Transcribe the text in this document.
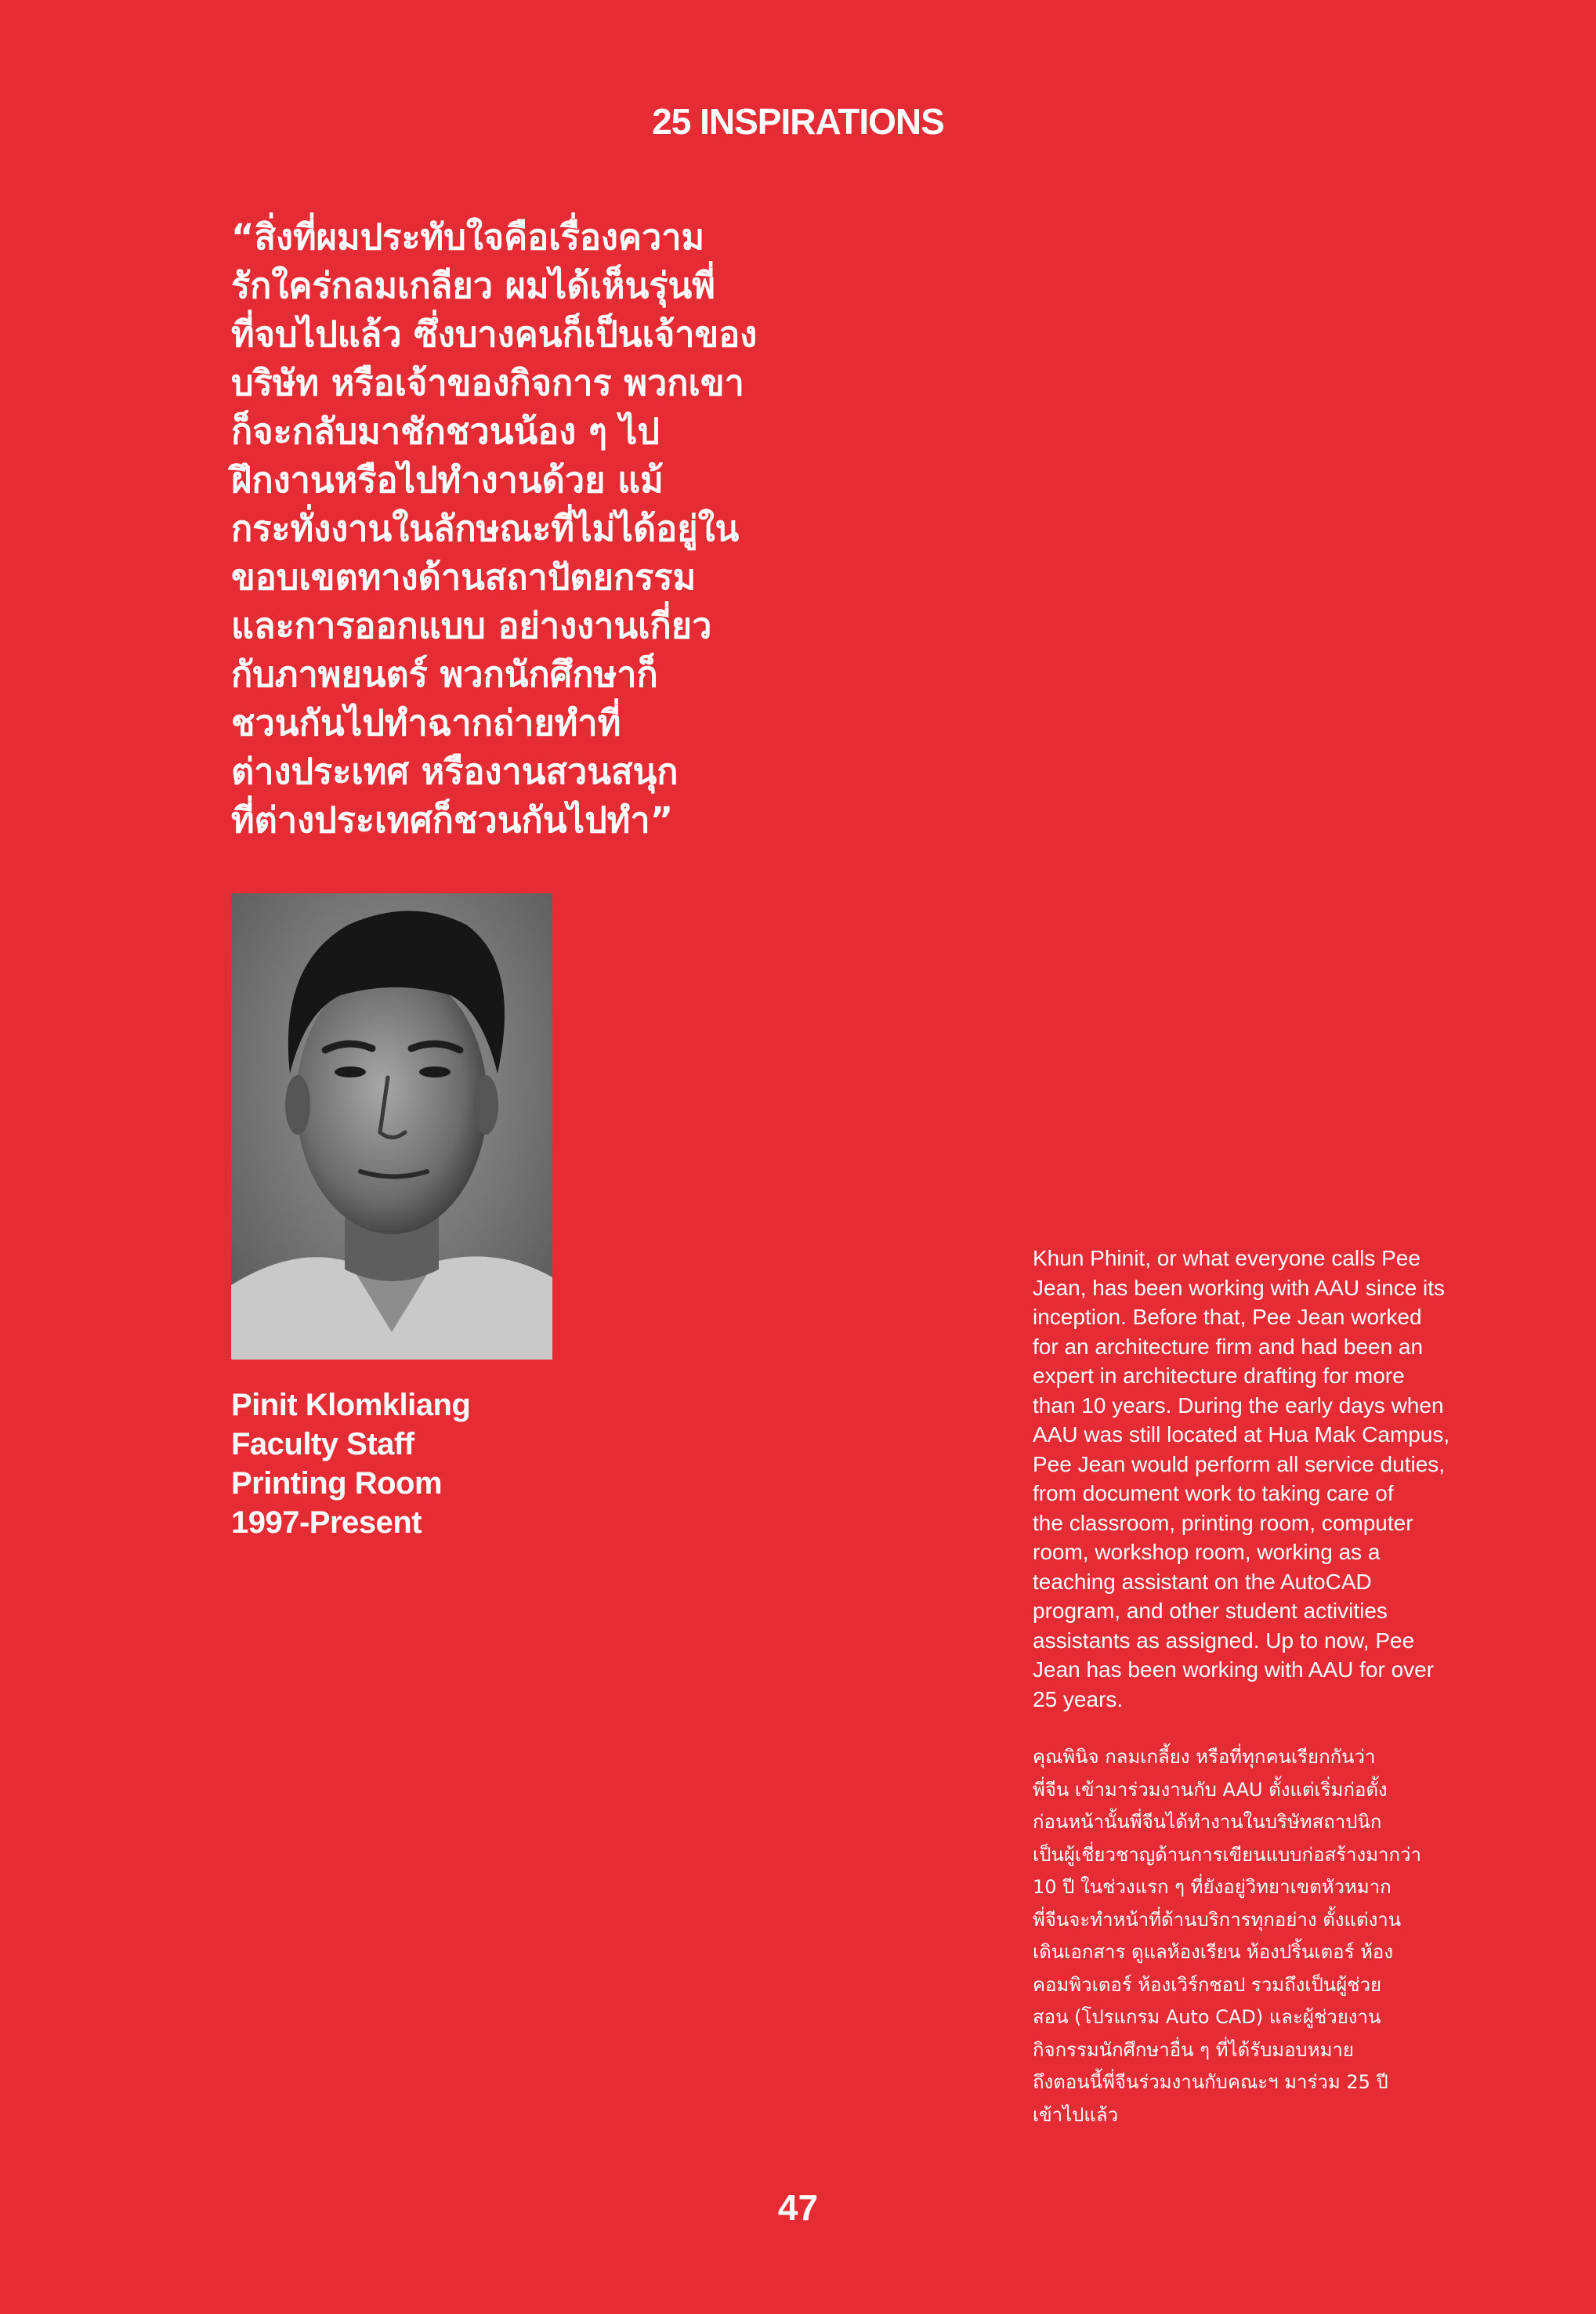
25 INSPIRATIONS

“สิ่งที่ผมประทับใจคือเรื่องความ
รักใคร่กลมเกลียว ผมได้เห็นรุ่นพี่
ที่จบไปแล้ว ซึ่งบางคนก็เป็นเจ้าของ
บริษัท หรือเจ้าของกิจการ พวกเขา
ก็จะกลับมาชักชวนน้อง ๆ ไป
ฝึกงานหรือไปทำงานด้วย แม้
กระทั่งงานในลักษณะที่ไม่ได้อยู่ใน
ขอบเขตทางด้านสถาปัตยกรรม
และการออกแบบ อย่างงานเกี่ยว
กับภาพยนตร์ พวกนักศึกษาก็
ชวนกันไปทำฉากถ่ายทำที่
ต่างประเทศ หรืองานสวนสนุก
ที่ต่างประเทศก็ชวนกันไปทำ”

Pinit Klomkliang
Faculty Staff
Printing Room
1997-Present

Khun Phinit, or what everyone calls Pee
Jean, has been working with AAU since its
inception. Before that, Pee Jean worked
for an architecture firm and had been an
expert in architecture drafting for more
than 10 years. During the early days when
AAU was still located at Hua Mak Campus,
Pee Jean would perform all service duties,
from document work to taking care of
the classroom, printing room, computer
room, workshop room, working as a
teaching assistant on the AutoCAD
program, and other student activities
assistants as assigned. Up to now, Pee
Jean has been working with AAU for over
25 years.

คุณพินิจ กลมเกลี้ยง หรือที่ทุกคนเรียกกันว่า
พี่จีน เข้ามาร่วมงานกับ AAU ตั้งแต่เริ่มก่อตั้ง
ก่อนหน้านั้นพี่จีนได้ทำงานในบริษัทสถาปนิก
เป็นผู้เชี่ยวชาญด้านการเขียนแบบก่อสร้างมากว่า
10 ปี ในช่วงแรก ๆ ที่ยังอยู่วิทยาเขตหัวหมาก
พี่จีนจะทำหน้าที่ด้านบริการทุกอย่าง ตั้งแต่งาน
เดินเอกสาร ดูแลห้องเรียน ห้องปริ้นเตอร์ ห้อง
คอมพิวเตอร์ ห้องเวิร์กชอป รวมถึงเป็นผู้ช่วย
สอน (โปรแกรม Auto CAD) และผู้ช่วยงาน
กิจกรรมนักศึกษาอื่น ๆ ที่ได้รับมอบหมาย
ถึงตอนนี้พี่จีนร่วมงานกับคณะฯ มาร่วม 25 ปี
เข้าไปแล้ว

47
